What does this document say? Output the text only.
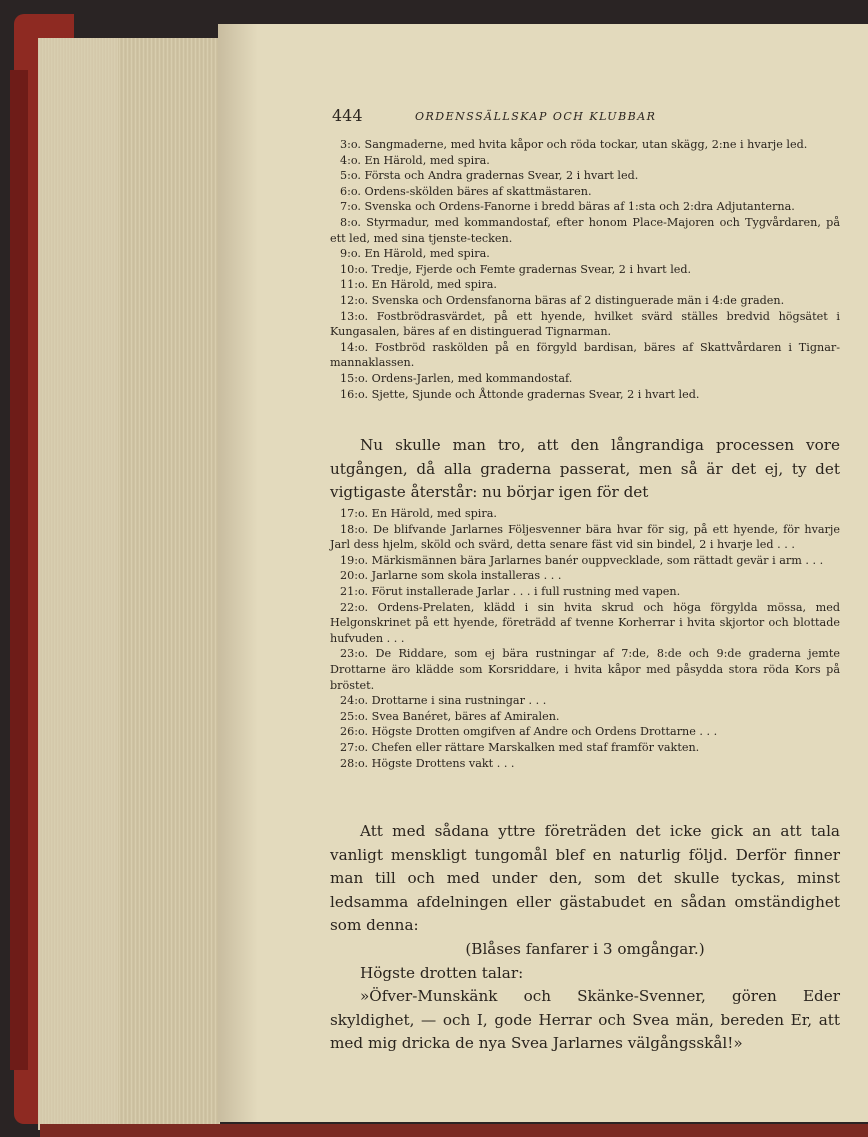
444	ORDENSSÄLLSKAP OCH KLUBBAR

3:o. Sangmaderne, med hvita kåpor och röda tockar, utan skägg, 2:ne i hvarje led.

4:o. En Härold, med spira.

5:o. Första och Andra gradernas Svear, 2 i hvart led.

6:o. Ordens-skölden bäres af skattmästaren.

7:o. Svenska och Ordens-Fanorne i bredd bäras af 1:sta och 2:dra Adjutanterna.

8:o. Styrmadur, med kommandostaf, efter honom Place-Majoren och Tygvårdaren, på ett led, med sina tjenste-tecken.

9:o. En Härold, med spira.

10:o. Tredje, Fjerde och Femte gradernas Svear, 2 i hvart led.

11:o. En Härold, med spira.

12:o. Svenska och Ordensfanorna bäras af 2 distinguerade män i 4:de graden.

13:o. Fostbrödrasvärdet, på ett hyende, hvilket svärd ställes bredvid högsätet i Kungasalen, bäres af en distinguerad Tignarman.

14:o. Fostbröd raskölden på en förgyld bardisan, bäres af Skattvårdaren i Tignar-mannaklassen.

15:o. Ordens-Jarlen, med kommandostaf.

16:o. Sjette, Sjunde och Åttonde gradernas Svear, 2 i hvart led.

Nu skulle man tro, att den långrandiga processen vore utgången, då alla graderna passerat, men så är det ej, ty det vigtigaste återstår: nu börjar igen för det

17:o. En Härold, med spira.

18:o. De blifvande Jarlarnes Följesvenner bära hvar för sig, på ett hyende, för hvarje Jarl dess hjelm, sköld och svärd, detta senare fäst vid sin bindel, 2 i hvarje led . . .

19:o. Märkismännen bära Jarlarnes banér ouppvecklade, som rättadt gevär i arm . . .

20:o. Jarlarne som skola installeras . . .

21:o. Förut installerade Jarlar . . . i full rustning med vapen.

22:o. Ordens-Prelaten, klädd i sin hvita skrud och höga förgylda mössa, med Helgonskrinet på ett hyende, företrädd af tvenne Korherrar i hvita skjortor och blottade hufvuden . . .

23:o. De Riddare, som ej bära rustningar af 7:de, 8:de och 9:de graderna jemte Drottarne äro klädde som Korsriddare, i hvita kåpor med påsydda stora röda Kors på bröstet.

24:o. Drottarne i sina rustningar . . .

25:o. Svea Banéret, bäres af Amiralen.

26:o. Högste Drotten omgifven af Andre och Ordens Drottarne . . .

27:o. Chefen eller rättare Marskalken med staf framför vakten.

28:o. Högste Drottens vakt . . .

Att med sådana yttre företräden det icke gick an att tala vanligt menskligt tungomål blef en naturlig följd. Derför finner man till och med under den, som det skulle tyckas, minst ledsamma afdelningen eller gästabudet en sådan omständighet som denna:

(Blåses fanfarer i 3 omgångar.)

Högste drotten talar:

»Öfver-Munskänk och Skänke-Svenner, gören Eder skyldighet, — och I, gode Herrar och Svea män, bereden Er, att med mig dricka de nya Svea Jarlarnes välgångsskål!»
